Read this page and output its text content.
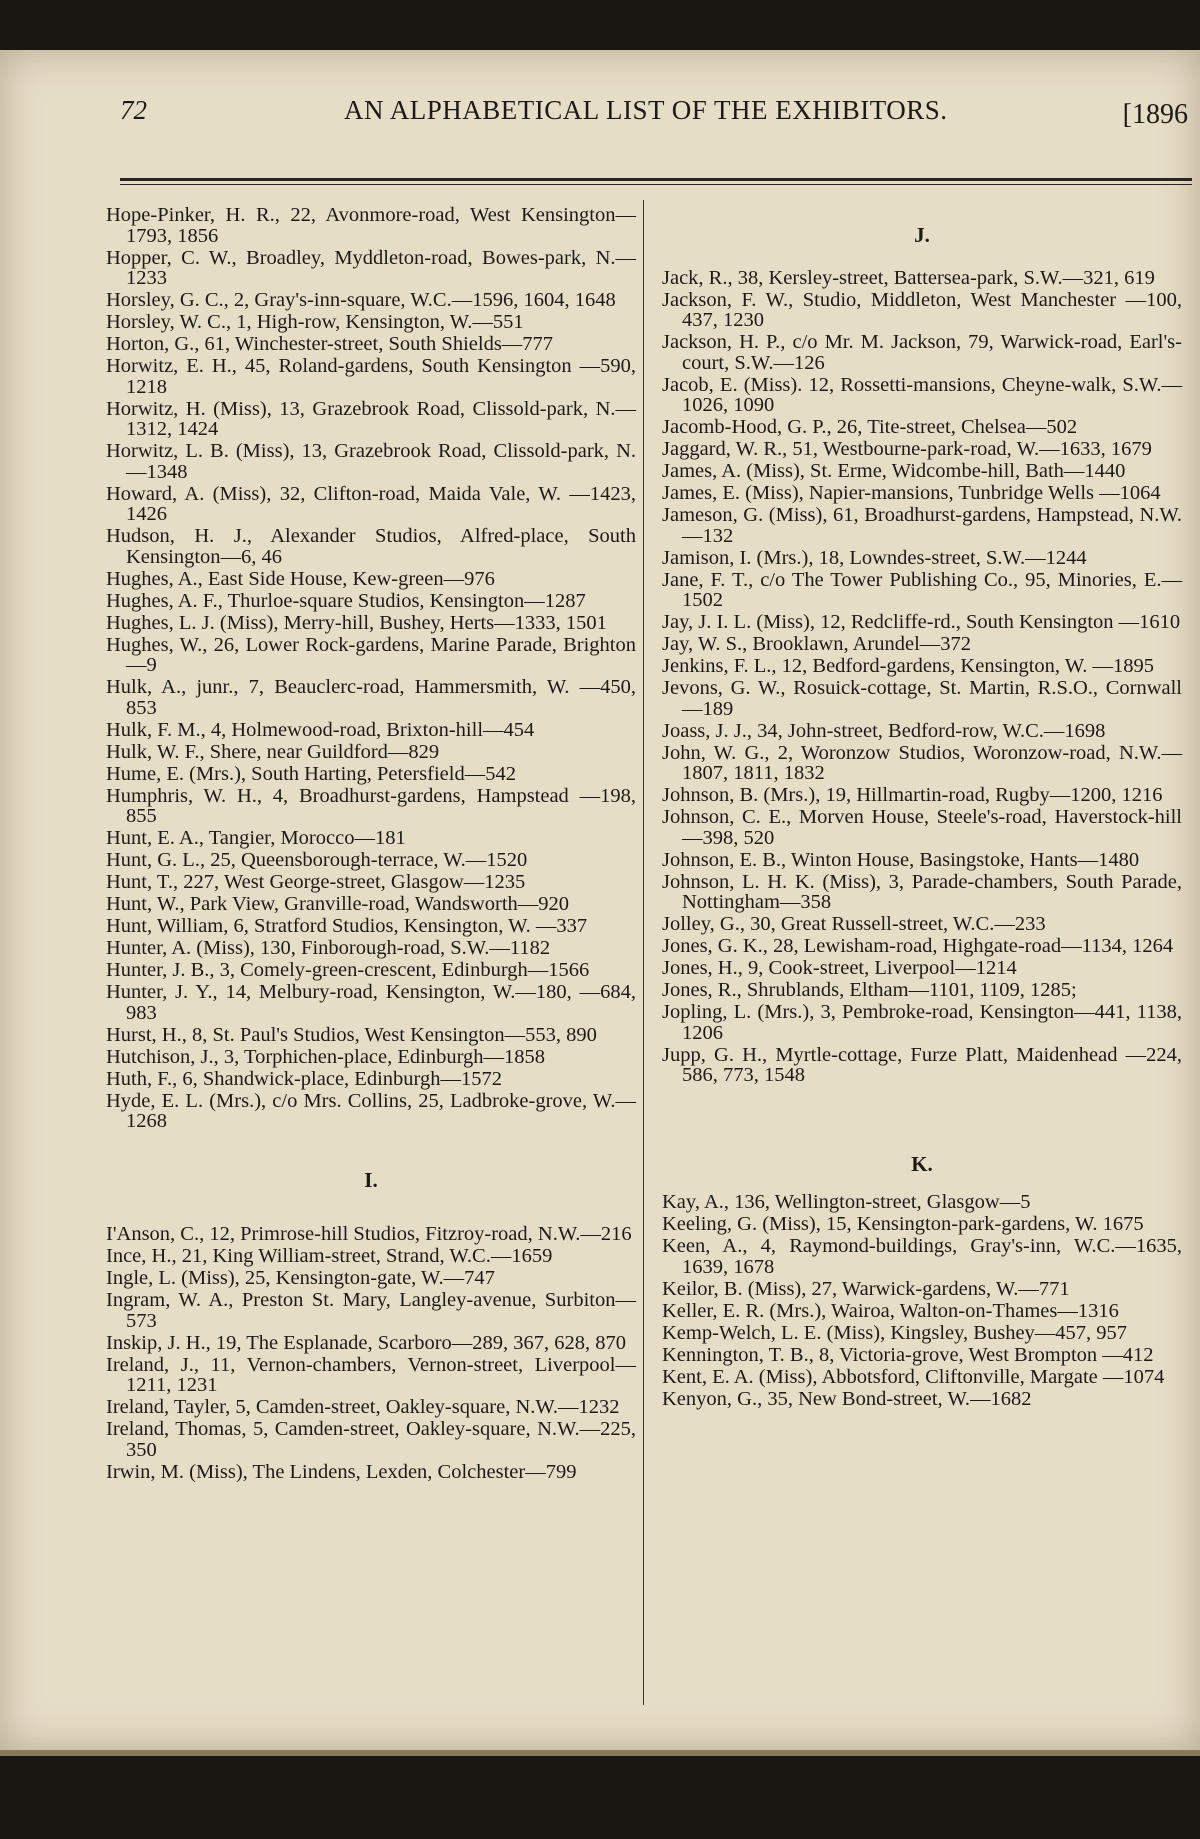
72	AN ALPHABETICAL LIST OF THE EXHIBITORS.	[1896
Hope-Pinker, H. R., 22, Avonmore-road, West Kensington—1793, 1856
Hopper, C. W., Broadley, Myddleton-road, Bowes-park, N.—1233
Horsley, G. C., 2, Gray's-inn-square, W.C.—1596, 1604, 1648
Horsley, W. C., 1, High-row, Kensington, W.—551
Horton, G., 61, Winchester-street, South Shields—777
Horwitz, E. H., 45, Roland-gardens, South Kensington —590, 1218
Horwitz, H. (Miss), 13, Grazebrook Road, Clissold-park, N.—1312, 1424
Horwitz, L. B. (Miss), 13, Grazebrook Road, Clissold-park, N.—1348
Howard, A. (Miss), 32, Clifton-road, Maida Vale, W. —1423, 1426
Hudson, H. J., Alexander Studios, Alfred-place, South Kensington—6, 46
Hughes, A., East Side House, Kew-green—976
Hughes, A. F., Thurloe-square Studios, Kensington—1287
Hughes, L. J. (Miss), Merry-hill, Bushey, Herts—1333, 1501
Hughes, W., 26, Lower Rock-gardens, Marine Parade, Brighton—9
Hulk, A., junr., 7, Beauclerc-road, Hammersmith, W. —450, 853
Hulk, F. M., 4, Holmewood-road, Brixton-hill—454
Hulk, W. F., Shere, near Guildford—829
Hume, E. (Mrs.), South Harting, Petersfield—542
Humphris, W. H., 4, Broadhurst-gardens, Hampstead —198, 855
Hunt, E. A., Tangier, Morocco—181
Hunt, G. L., 25, Queensborough-terrace, W.—1520
Hunt, T., 227, West George-street, Glasgow—1235
Hunt, W., Park View, Granville-road, Wandsworth—920
Hunt, William, 6, Stratford Studios, Kensington, W. —337
Hunter, A. (Miss), 130, Finborough-road, S.W.—1182
Hunter, J. B., 3, Comely-green-crescent, Edinburgh—1566
Hunter, J. Y., 14, Melbury-road, Kensington, W.—180, —684, 983
Hurst, H., 8, St. Paul's Studios, West Kensington—553, 890
Hutchison, J., 3, Torphichen-place, Edinburgh—1858
Huth, F., 6, Shandwick-place, Edinburgh—1572
Hyde, E. L. (Mrs.), c/o Mrs. Collins, 25, Ladbroke-grove, W.—1268
I.
I'Anson, C., 12, Primrose-hill Studios, Fitzroy-road, N.W.—216
Ince, H., 21, King William-street, Strand, W.C.—1659
Ingle, L. (Miss), 25, Kensington-gate, W.—747
Ingram, W. A., Preston St. Mary, Langley-avenue, Surbiton—573
Inskip, J. H., 19, The Esplanade, Scarboro—289, 367, 628, 870
Ireland, J., 11, Vernon-chambers, Vernon-street, Liverpool—1211, 1231
Ireland, Tayler, 5, Camden-street, Oakley-square, N.W.—1232
Ireland, Thomas, 5, Camden-street, Oakley-square, N.W.—225, 350
Irwin, M. (Miss), The Lindens, Lexden, Colchester—799
J.
Jack, R., 38, Kersley-street, Battersea-park, S.W.—321, 619
Jackson, F. W., Studio, Middleton, West Manchester —100, 437, 1230
Jackson, H. P., c/o Mr. M. Jackson, 79, Warwick-road, Earl's-court, S.W.—126
Jacob, E. (Miss). 12, Rossetti-mansions, Cheyne-walk, S.W.—1026, 1090
Jacomb-Hood, G. P., 26, Tite-street, Chelsea—502
Jaggard, W. R., 51, Westbourne-park-road, W.—1633, 1679
James, A. (Miss), St. Erme, Widcombe-hill, Bath—1440
James, E. (Miss), Napier-mansions, Tunbridge Wells —1064
Jameson, G. (Miss), 61, Broadhurst-gardens, Hampstead, N.W.—132
Jamison, I. (Mrs.), 18, Lowndes-street, S.W.—1244
Jane, F. T., c/o The Tower Publishing Co., 95, Minories, E.—1502
Jay, J. I. L. (Miss), 12, Redcliffe-rd., South Kensington —1610
Jay, W. S., Brooklawn, Arundel—372
Jenkins, F. L., 12, Bedford-gardens, Kensington, W. —1895
Jevons, G. W., Rosuick-cottage, St. Martin, R.S.O., Cornwall—189
Joass, J. J., 34, John-street, Bedford-row, W.C.—1698
John, W. G., 2, Woronzow Studios, Woronzow-road, N.W.—1807, 1811, 1832
Johnson, B. (Mrs.), 19, Hillmartin-road, Rugby—1200, 1216
Johnson, C. E., Morven House, Steele's-road, Haverstock-hill—398, 520
Johnson, E. B., Winton House, Basingstoke, Hants—1480
Johnson, L. H. K. (Miss), 3, Parade-chambers, South Parade, Nottingham—358
Jolley, G., 30, Great Russell-street, W.C.—233
Jones, G. K., 28, Lewisham-road, Highgate-road—1134, 1264
Jones, H., 9, Cook-street, Liverpool—1214
Jones, R., Shrublands, Eltham—1101, 1109, 1285;
Jopling, L. (Mrs.), 3, Pembroke-road, Kensington—441, 1138, 1206
Jupp, G. H., Myrtle-cottage, Furze Platt, Maidenhead —224, 586, 773, 1548
K.
Kay, A., 136, Wellington-street, Glasgow—5
Keeling, G. (Miss), 15, Kensington-park-gardens, W. 1675
Keen, A., 4, Raymond-buildings, Gray's-inn, W.C.—1635, 1639, 1678
Keilor, B. (Miss), 27, Warwick-gardens, W.—771
Keller, E. R. (Mrs.), Wairoa, Walton-on-Thames—1316
Kemp-Welch, L. E. (Miss), Kingsley, Bushey—457, 957
Kennington, T. B., 8, Victoria-grove, West Brompton —412
Kent, E. A. (Miss), Abbotsford, Cliftonville, Margate —1074
Kenyon, G., 35, New Bond-street, W.—1682
